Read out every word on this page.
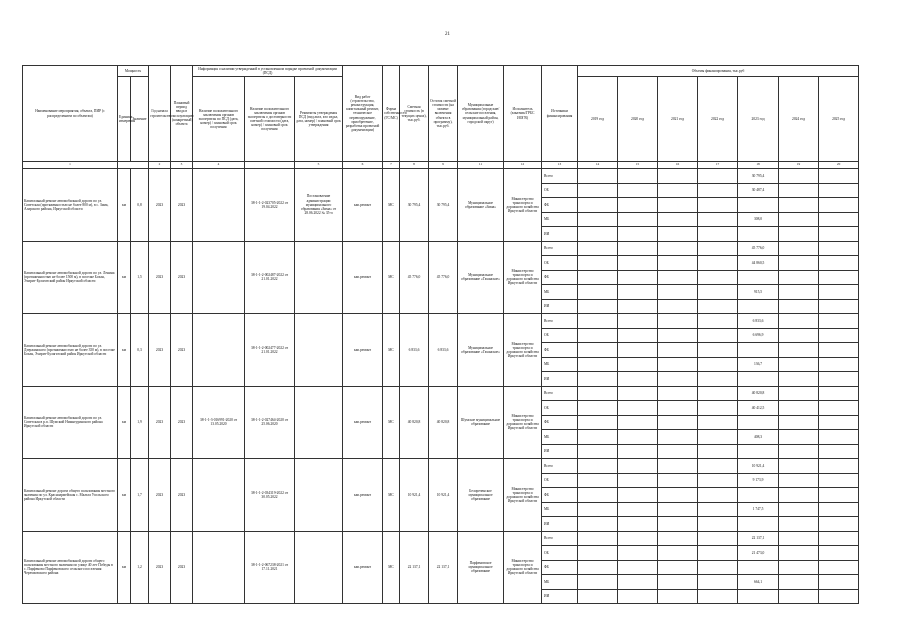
21
Наименование мероприятия, объекта, ПИР (с распределением по объектам)	Мощность		Год начала строительства	Плановый период ввода в эксплуатацию (конкретный) объекта	Информация о наличии утвержденной в установленном порядке проектной документации (ПСД)			Вид работ (строительство, реконструкция, капитальный ремонт, техническое перевооружение, приобретение, разработка проектной документации)	Форма собственности (ГС/МС)	Сметная стоимость (в текущих ценах), тыс.руб.	Остаток сметной стоимости (на момент включения объекта в программу), тыс.руб.	Муниципальные образования (городские/сельские поселения, муниципальный район, городской округ)	Исполнитель (заказчик/ГРБС ИОГВ)	Источники финансирования	Объемы финансирования, тыс.руб						
	Единица измерения	Значение			Наличие положительного заключения органов экспертизы по ПСД (дата, номер) / плановый срок получения	Наличие положительного заключения органов экспертизы о достоверности сметной стоимости (дата, номер) / плановый срок получения	Реквизиты утверждения ПСД (вид акта, кто издал, дата, номер) / плановый срок утверждения								2019 год	2020 год	2021 год	2022 год	2023 год	2024 год	2025 год
1			2	3	4		5	6	7	8	9	11	12	13	14	15	16	17	18	19	20
Капитальный ремонт автомобильной дороги по ул. Советская (протяженностью не более 800 м), в с. Зима, Аларского района, Иркутской области	км	0,8	2023	2023		38-1-1-2-023705-2022 от 19.04.2022	Постановление администрации муниципального образования «Зима» от 28.06.2022 № 35-п	кап.ремонт	МС	30 795,4	30 795,4	Муниципальное образование «Зима»	Министерство транспорта и дорожного хозяйства Иркутской области	Всего					30 795,4		
														ОБ					30 487,4		
														ФБ							
														МБ					308,0		
														ИИ							
Капитальный ремонт автомобильной дороги по ул. Ленина (протяженностью не более 1500 м), в поселке Бохан, Эхирит-Булагатский район Иркутской области	км	1,5	2023	2023		38-1-1-2-002487-2022 от 21.01.2022		кап.ремонт	МС	45 776,0	45 776,0	Муниципальное образование «Гаханское»	Министерство транспорта и дорожного хозяйства Иркутской области	Всего					45 776,0		
														ОБ					44 860,5		
														ФБ							
														МБ					915,5		
														ИИ							
Капитальный ремонт автомобильной дороги по ул. Дзержинского (протяженностью не более 350 м), в поселке Бохан, Эхирит-Булагатский район Иркутской области	км	0,3	2023	2023		38-1-1-2-002477-2022 от 21.01.2022		кап.ремонт	МС	6 833,6	6 833,6	Муниципальное образование «Гаханское»	Министерство транспорта и дорожного хозяйства Иркутской области	Всего					6 833,6		
														ОБ					6 696,9		
														ФБ							
														МБ					136,7		
														ИИ							
Капитальный ремонт автомобильной дороги по ул. Советская в р.п. Шумский Нижнеудинского района Иркутской области	км	1,9	2023	2023	38-1-1-3-016991-2020 от 13.05.2020	38-1-1-2-027464-2020 от 25.06.2020		кап.ремонт	МС	40 820,8	40 820,8	Шумское муниципальное образование	Министерство транспорта и дорожного хозяйства Иркутской области	Всего					40 820,8		
														ОБ					40 412,5		
														ФБ							
														МБ					408,3		
														ИИ							
Капитальный ремонт дороги общего пользования местного значения по ул. Красноармейская с. Мальта Усольского района Иркутской области	км	1,7	2023	2023		38-1-1-2-034319-2022 от 30.05.2022		кап.ремонт	МС	10 921,4	10 921,4	Белореченское муниципальное образование	Министерство транспорта и дорожного хозяйства Иркутской области	Всего					10 921,4		
														ОБ					9 173,9		
														ФБ							
														МБ					1 747,5		
														ИИ							
Капитальный ремонт автомобильной дороги общего пользования местного значения по улице 40 лет Победы в с. Парфеново Парфеновского сельского поселения Черемховского района	км	1,2	2023	2023		38-1-1-2-067238-2021 от 17.11.2021		кап.ремонт	МС	22 137,1	22 137,1	Парфеновское муниципальное образование	Министерство транспорта и дорожного хозяйства Иркутской области	Всего					22 137,1		
														ОБ					21 473,0		
														ФБ							
														МБ					664,1		
														ИИ							
